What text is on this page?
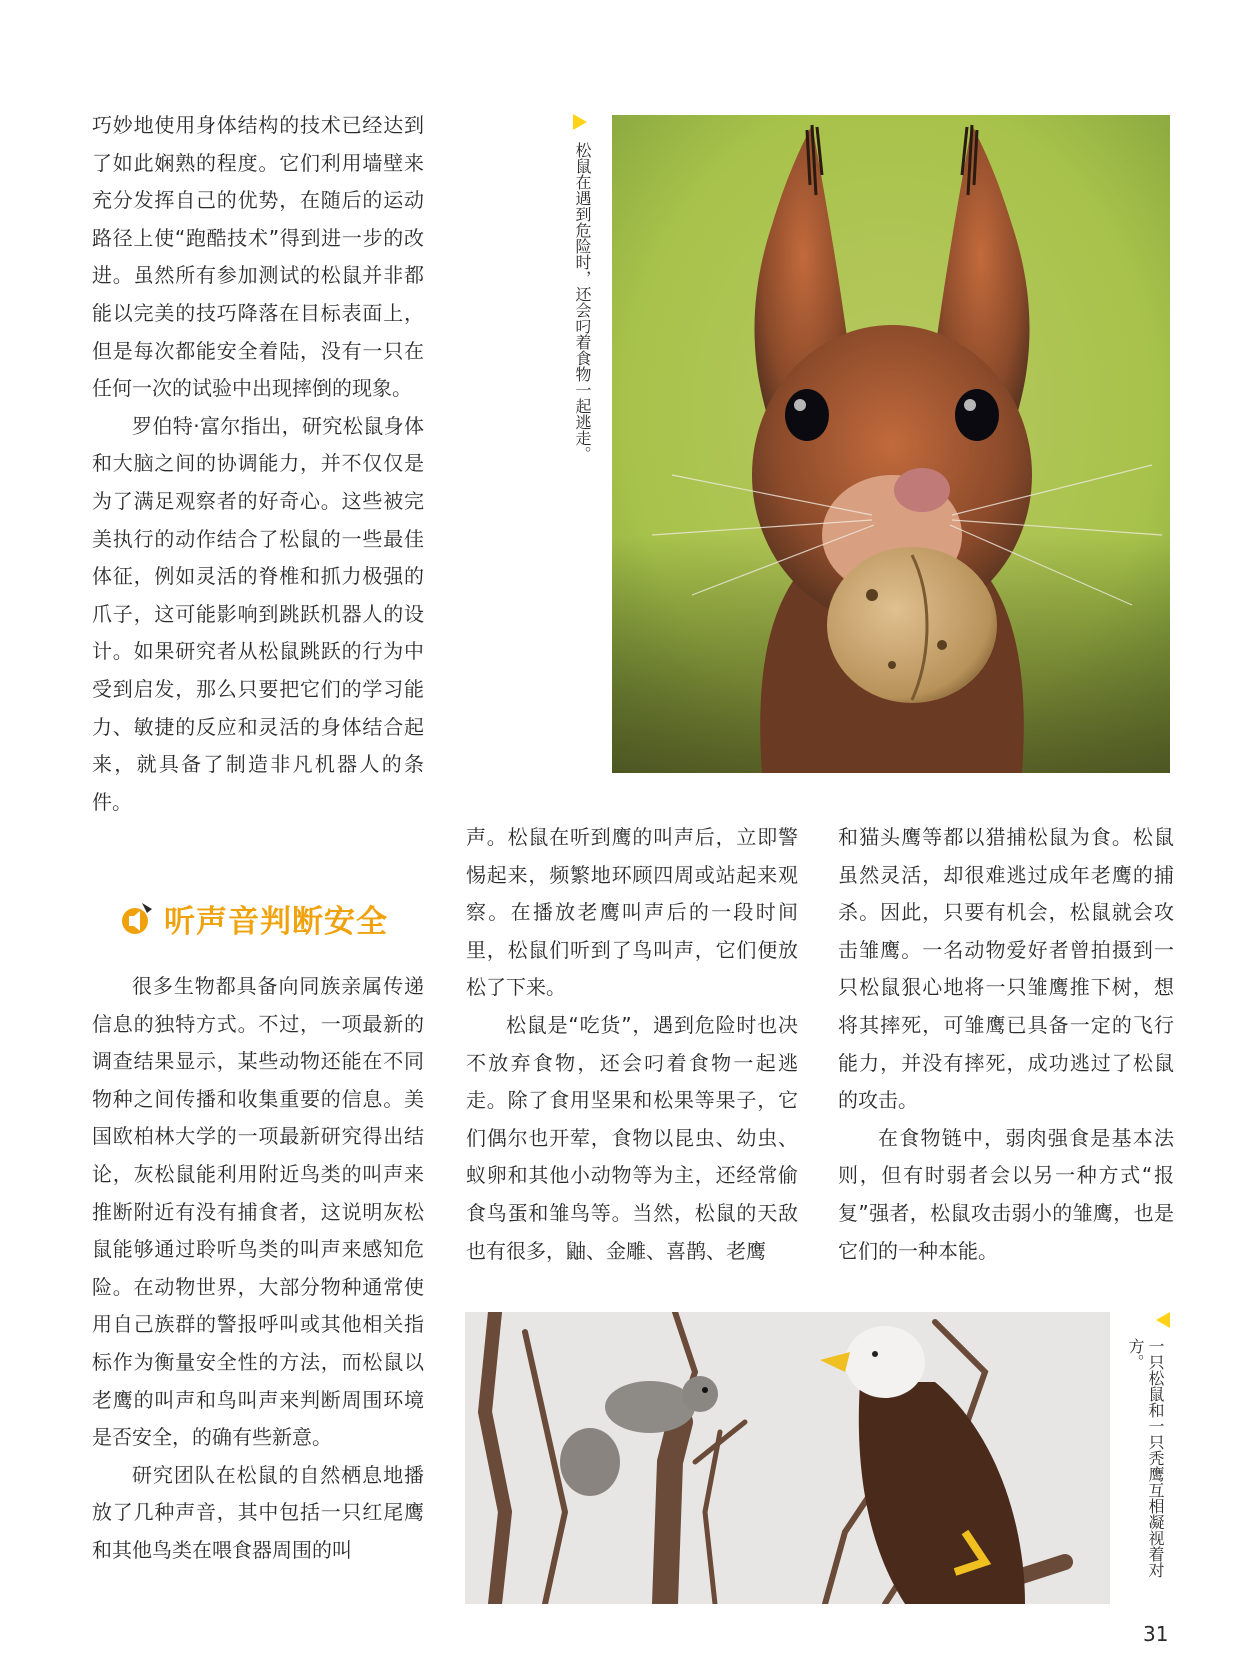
巧妙地使用身体结构的技术已经达到了如此娴熟的程度。它们利用墙壁来充分发挥自己的优势，在随后的运动路径上使“跑酷技术”得到进一步的改进。虽然所有参加测试的松鼠并非都能以完美的技巧降落在目标表面上，但是每次都能安全着陆，没有一只在任何一次的试验中出现摔倒的现象。

罗伯特·富尔指出，研究松鼠身体和大脑之间的协调能力，并不仅仅是为了满足观察者的好奇心。这些被完美执行的动作结合了松鼠的一些最佳体征，例如灵活的脊椎和抓力极强的爪子，这可能影响到跳跃机器人的设计。如果研究者从松鼠跳跃的行为中受到启发，那么只要把它们的学习能力、敏捷的反应和灵活的身体结合起来，就具备了制造非凡机器人的条件。

听声音判断安全

很多生物都具备向同族亲属传递信息的独特方式。不过，一项最新的调查结果显示，某些动物还能在不同物种之间传播和收集重要的信息。美国欧柏林大学的一项最新研究得出结论，灰松鼠能利用附近鸟类的叫声来推断附近有没有捕食者，这说明灰松鼠能够通过聆听鸟类的叫声来感知危险。在动物世界，大部分物种通常使用自己族群的警报呼叫或其他相关指标作为衡量安全性的方法，而松鼠以老鹰的叫声和鸟叫声来判断周围环境是否安全，的确有些新意。

研究团队在松鼠的自然栖息地播放了几种声音，其中包括一只红尾鹰和其他鸟类在喂食器周围的叫

声。松鼠在听到鹰的叫声后，立即警惕起来，频繁地环顾四周或站起来观察。在播放老鹰叫声后的一段时间里，松鼠们听到了鸟叫声，它们便放松了下来。

松鼠是“吃货”，遇到危险时也决不放弃食物，还会叼着食物一起逃走。除了食用坚果和松果等果子，它们偶尔也开荤，食物以昆虫、幼虫、蚁卵和其他小动物等为主，还经常偷食鸟蛋和雏鸟等。当然，松鼠的天敌也有很多，鼬、金雕、喜鹊、老鹰

和猫头鹰等都以猎捕松鼠为食。松鼠虽然灵活，却很难逃过成年老鹰的捕杀。因此，只要有机会，松鼠就会攻击雏鹰。一名动物爱好者曾拍摄到一只松鼠狠心地将一只雏鹰推下树，想将其摔死，可雏鹰已具备一定的飞行能力，并没有摔死，成功逃过了松鼠的攻击。

在食物链中，弱肉强食是基本法则，但有时弱者会以另一种方式“报复”强者，松鼠攻击弱小的雏鹰，也是它们的一种本能。

松鼠在遇到危险时，还会叼着食物一起逃走。
一只松鼠和一只秃鹰互相凝视着对方。
31
